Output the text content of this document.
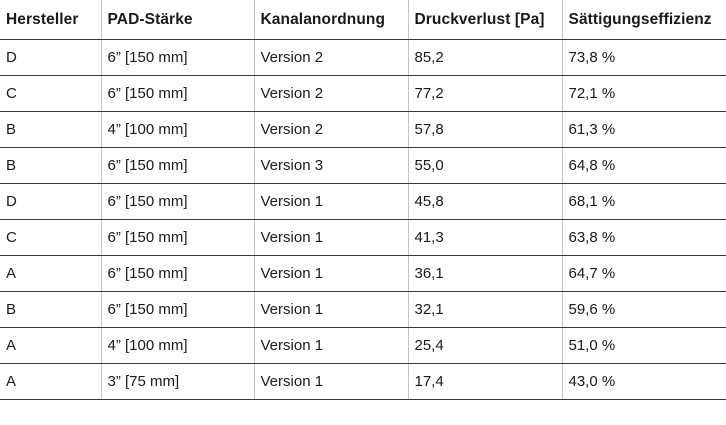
Hersteller	PAD-Stärke	Kanalanordnung	Druckverlust [Pa]	Sättigungseffizienz
D	6” [150 mm]	Version 2	85,2	73,8 %
C	6” [150 mm]	Version 2	77,2	72,1 %
B	4” [100 mm]	Version 2	57,8	61,3 %
B	6” [150 mm]	Version 3	55,0	64,8 %
D	6” [150 mm]	Version 1	45,8	68,1 %
C	6” [150 mm]	Version 1	41,3	63,8 %
A	6” [150 mm]	Version 1	36,1	64,7 %
B	6” [150 mm]	Version 1	32,1	59,6 %
A	4” [100 mm]	Version 1	25,4	51,0 %
A	3” [75 mm]	Version 1	17,4	43,0 %
